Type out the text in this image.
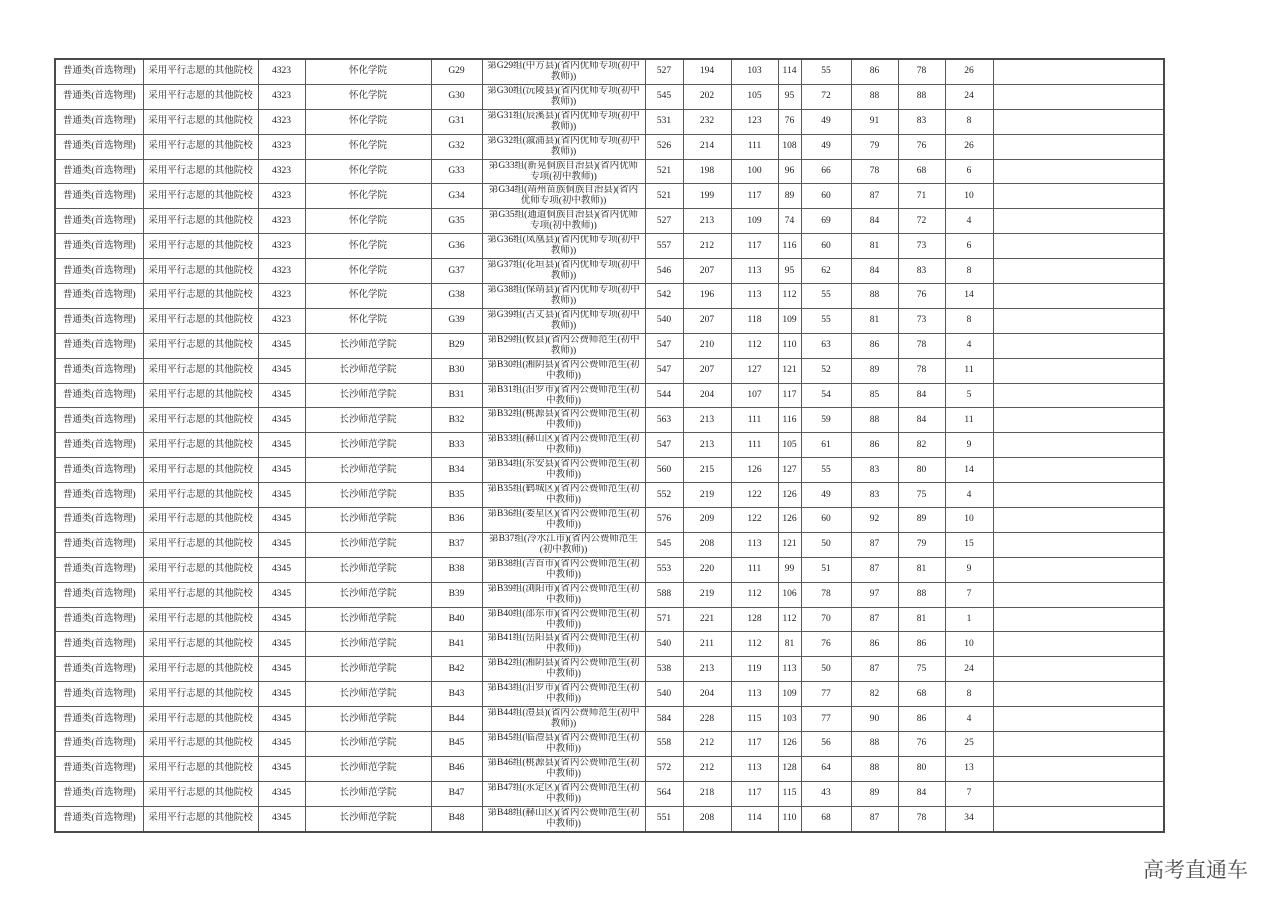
普通类(首选物理)	采用平行志愿的其他院校	4323	怀化学院	G29	第G29组(中方县)(省内优师专项(初中教师))	527	194	103	114	55	86	78	26	
普通类(首选物理)	采用平行志愿的其他院校	4323	怀化学院	G30	第G30组(沅陵县)(省内优师专项(初中教师))	545	202	105	95	72	88	88	24	
普通类(首选物理)	采用平行志愿的其他院校	4323	怀化学院	G31	第G31组(辰溪县)(省内优师专项(初中教师))	531	232	123	76	49	91	83	8	
普通类(首选物理)	采用平行志愿的其他院校	4323	怀化学院	G32	第G32组(溆浦县)(省内优师专项(初中教师))	526	214	111	108	49	79	76	26	
普通类(首选物理)	采用平行志愿的其他院校	4323	怀化学院	G33	第G33组(新晃侗族自治县)(省内优师专项(初中教师))	521	198	100	96	66	78	68	6	
普通类(首选物理)	采用平行志愿的其他院校	4323	怀化学院	G34	第G34组(靖州苗族侗族自治县)(省内优师专项(初中教师))	521	199	117	89	60	87	71	10	
普通类(首选物理)	采用平行志愿的其他院校	4323	怀化学院	G35	第G35组(通道侗族自治县)(省内优师专项(初中教师))	527	213	109	74	69	84	72	4	
普通类(首选物理)	采用平行志愿的其他院校	4323	怀化学院	G36	第G36组(凤凰县)(省内优师专项(初中教师))	557	212	117	116	60	81	73	6	
普通类(首选物理)	采用平行志愿的其他院校	4323	怀化学院	G37	第G37组(花垣县)(省内优师专项(初中教师))	546	207	113	95	62	84	83	8	
普通类(首选物理)	采用平行志愿的其他院校	4323	怀化学院	G38	第G38组(保靖县)(省内优师专项(初中教师))	542	196	113	112	55	88	76	14	
普通类(首选物理)	采用平行志愿的其他院校	4323	怀化学院	G39	第G39组(古丈县)(省内优师专项(初中教师))	540	207	118	109	55	81	73	8	
普通类(首选物理)	采用平行志愿的其他院校	4345	长沙师范学院	B29	第B29组(攸县)(省内公费师范生(初中教师))	547	210	112	110	63	86	78	4	
普通类(首选物理)	采用平行志愿的其他院校	4345	长沙师范学院	B30	第B30组(湘阴县)(省内公费师范生(初中教师))	547	207	127	121	52	89	78	11	
普通类(首选物理)	采用平行志愿的其他院校	4345	长沙师范学院	B31	第B31组(汨罗市)(省内公费师范生(初中教师))	544	204	107	117	54	85	84	5	
普通类(首选物理)	采用平行志愿的其他院校	4345	长沙师范学院	B32	第B32组(桃源县)(省内公费师范生(初中教师))	563	213	111	116	59	88	84	11	
普通类(首选物理)	采用平行志愿的其他院校	4345	长沙师范学院	B33	第B33组(赫山区)(省内公费师范生(初中教师))	547	213	111	105	61	86	82	9	
普通类(首选物理)	采用平行志愿的其他院校	4345	长沙师范学院	B34	第B34组(东安县)(省内公费师范生(初中教师))	560	215	126	127	55	83	80	14	
普通类(首选物理)	采用平行志愿的其他院校	4345	长沙师范学院	B35	第B35组(鹤城区)(省内公费师范生(初中教师))	552	219	122	126	49	83	75	4	
普通类(首选物理)	采用平行志愿的其他院校	4345	长沙师范学院	B36	第B36组(娄星区)(省内公费师范生(初中教师))	576	209	122	126	60	92	89	10	
普通类(首选物理)	采用平行志愿的其他院校	4345	长沙师范学院	B37	第B37组(冷水江市)(省内公费师范生(初中教师))	545	208	113	121	50	87	79	15	
普通类(首选物理)	采用平行志愿的其他院校	4345	长沙师范学院	B38	第B38组(吉首市)(省内公费师范生(初中教师))	553	220	111	99	51	87	81	9	
普通类(首选物理)	采用平行志愿的其他院校	4345	长沙师范学院	B39	第B39组(浏阳市)(省内公费师范生(初中教师))	588	219	112	106	78	97	88	7	
普通类(首选物理)	采用平行志愿的其他院校	4345	长沙师范学院	B40	第B40组(邵东市)(省内公费师范生(初中教师))	571	221	128	112	70	87	81	1	
普通类(首选物理)	采用平行志愿的其他院校	4345	长沙师范学院	B41	第B41组(岳阳县)(省内公费师范生(初中教师))	540	211	112	81	76	86	86	10	
普通类(首选物理)	采用平行志愿的其他院校	4345	长沙师范学院	B42	第B42组(湘阴县)(省内公费师范生(初中教师))	538	213	119	113	50	87	75	24	
普通类(首选物理)	采用平行志愿的其他院校	4345	长沙师范学院	B43	第B43组(汨罗市)(省内公费师范生(初中教师))	540	204	113	109	77	82	68	8	
普通类(首选物理)	采用平行志愿的其他院校	4345	长沙师范学院	B44	第B44组(澧县)(省内公费师范生(初中教师))	584	228	115	103	77	90	86	4	
普通类(首选物理)	采用平行志愿的其他院校	4345	长沙师范学院	B45	第B45组(临澧县)(省内公费师范生(初中教师))	558	212	117	126	56	88	76	25	
普通类(首选物理)	采用平行志愿的其他院校	4345	长沙师范学院	B46	第B46组(桃源县)(省内公费师范生(初中教师))	572	212	113	128	64	88	80	13	
普通类(首选物理)	采用平行志愿的其他院校	4345	长沙师范学院	B47	第B47组(永定区)(省内公费师范生(初中教师))	564	218	117	115	43	89	84	7	
普通类(首选物理)	采用平行志愿的其他院校	4345	长沙师范学院	B48	第B48组(赫山区)(省内公费师范生(初中教师))	551	208	114	110	68	87	78	34	
高考直通车
